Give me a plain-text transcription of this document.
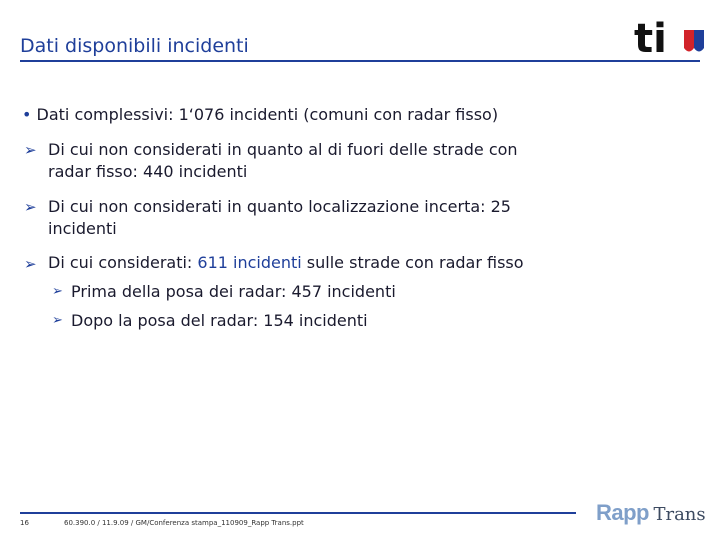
Dati disponibili incidenti	ti
• Dati complessivi: 1‘076 incidenti (comuni con radar fisso)
➢ Di cui non considerati in quanto al di fuori delle strade con
radar fisso: 440 incidenti
➢ Di cui non considerati in quanto localizzazione incerta: 25
incidenti
➢ Di cui considerati: 611 incidenti sulle strade con radar fisso
➢ Prima della posa dei radar: 457 incidenti
➢ Dopo la posa del radar: 154 incidenti
16	60.390.0 / 11.9.09 / GM/Conferenza stampa_110909_Rapp Trans.ppt	Rapp Trans
